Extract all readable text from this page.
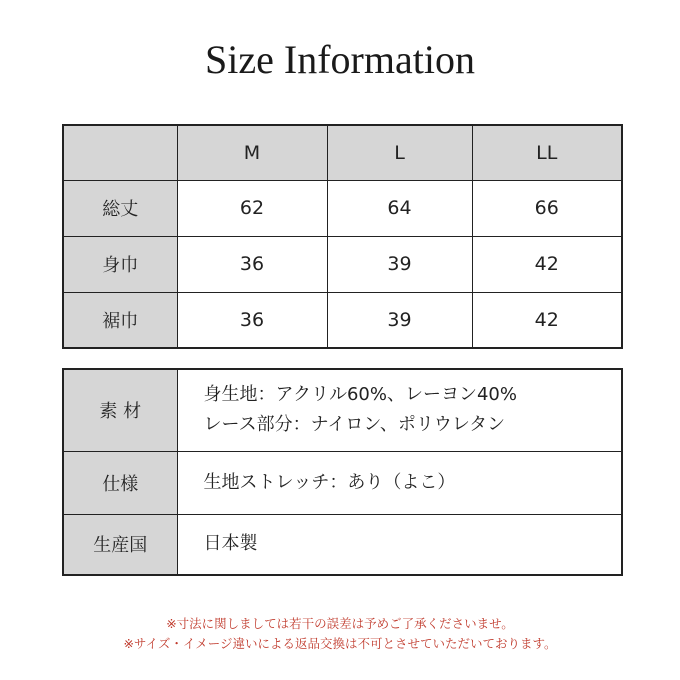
Size Information
	M	L	LL
総丈	62	64	66
身巾	36	39	42
裾巾	36	39	42
素 材	身生地：アクリル60%、レーヨン40%
レース部分：ナイロン、ポリウレタン

仕様	生地ストレッチ：あり（よこ）
生産国	日本製
※寸法に関しましては若干の誤差は予めご了承くださいませ。
※サイズ・イメージ違いによる返品交換は不可とさせていただいております。
